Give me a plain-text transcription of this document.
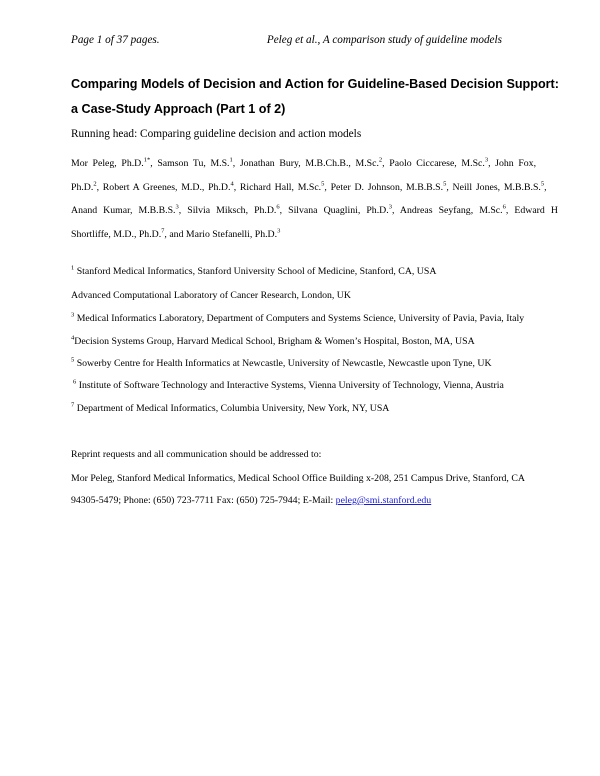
Page 1 of 37 pages.	Peleg et al., A comparison study of guideline models
Comparing Models of Decision and Action for Guideline-Based Decision Support:
a Case-Study Approach (Part 1 of 2)
Running head: Comparing guideline decision and action models
Mor Peleg, Ph.D.$^{1*}$, Samson Tu, M.S.$^1$, Jonathan Bury, M.B.Ch.B., M.Sc.$^2$, Paolo Ciccarese, M.Sc.$^3$, John Fox,
Ph.D.$^2$, Robert A Greenes, M.D., Ph.D.$^4$, Richard Hall, M.Sc.$^5$, Peter D. Johnson, M.B.B.S.$^5$, Neill Jones, M.B.B.S.$^5$,
Anand Kumar, M.B.B.S.$^3$, Silvia Miksch, Ph.D.$^6$, Silvana Quaglini, Ph.D.$^3$, Andreas Seyfang, M.Sc.$^6$, Edward H
Shortliffe, M.D., Ph.D.$^7$, and Mario Stefanelli, Ph.D.$^3$
$^1$ Stanford Medical Informatics, Stanford University School of Medicine, Stanford, CA, USA
Advanced Computational Laboratory of Cancer Research, London, UK
$^3$ Medical Informatics Laboratory, Department of Computers and Systems Science, University of Pavia, Pavia, Italy
$^4$Decision Systems Group, Harvard Medical School, Brigham & Women’s Hospital, Boston, MA, USA
$^5$ Sowerby Centre for Health Informatics at Newcastle, University of Newcastle, Newcastle upon Tyne, UK
$^6$ Institute of Software Technology and Interactive Systems, Vienna University of Technology, Vienna, Austria
$^7$ Department of Medical Informatics, Columbia University, New York, NY, USA
Reprint requests and all communication should be addressed to:
Mor Peleg, Stanford Medical Informatics, Medical School Office Building x-208, 251 Campus Drive, Stanford, CA
94305-5479; Phone: (650) 723-7711 Fax: (650) 725-7944; E-Mail: peleg@smi.stanford.edu
